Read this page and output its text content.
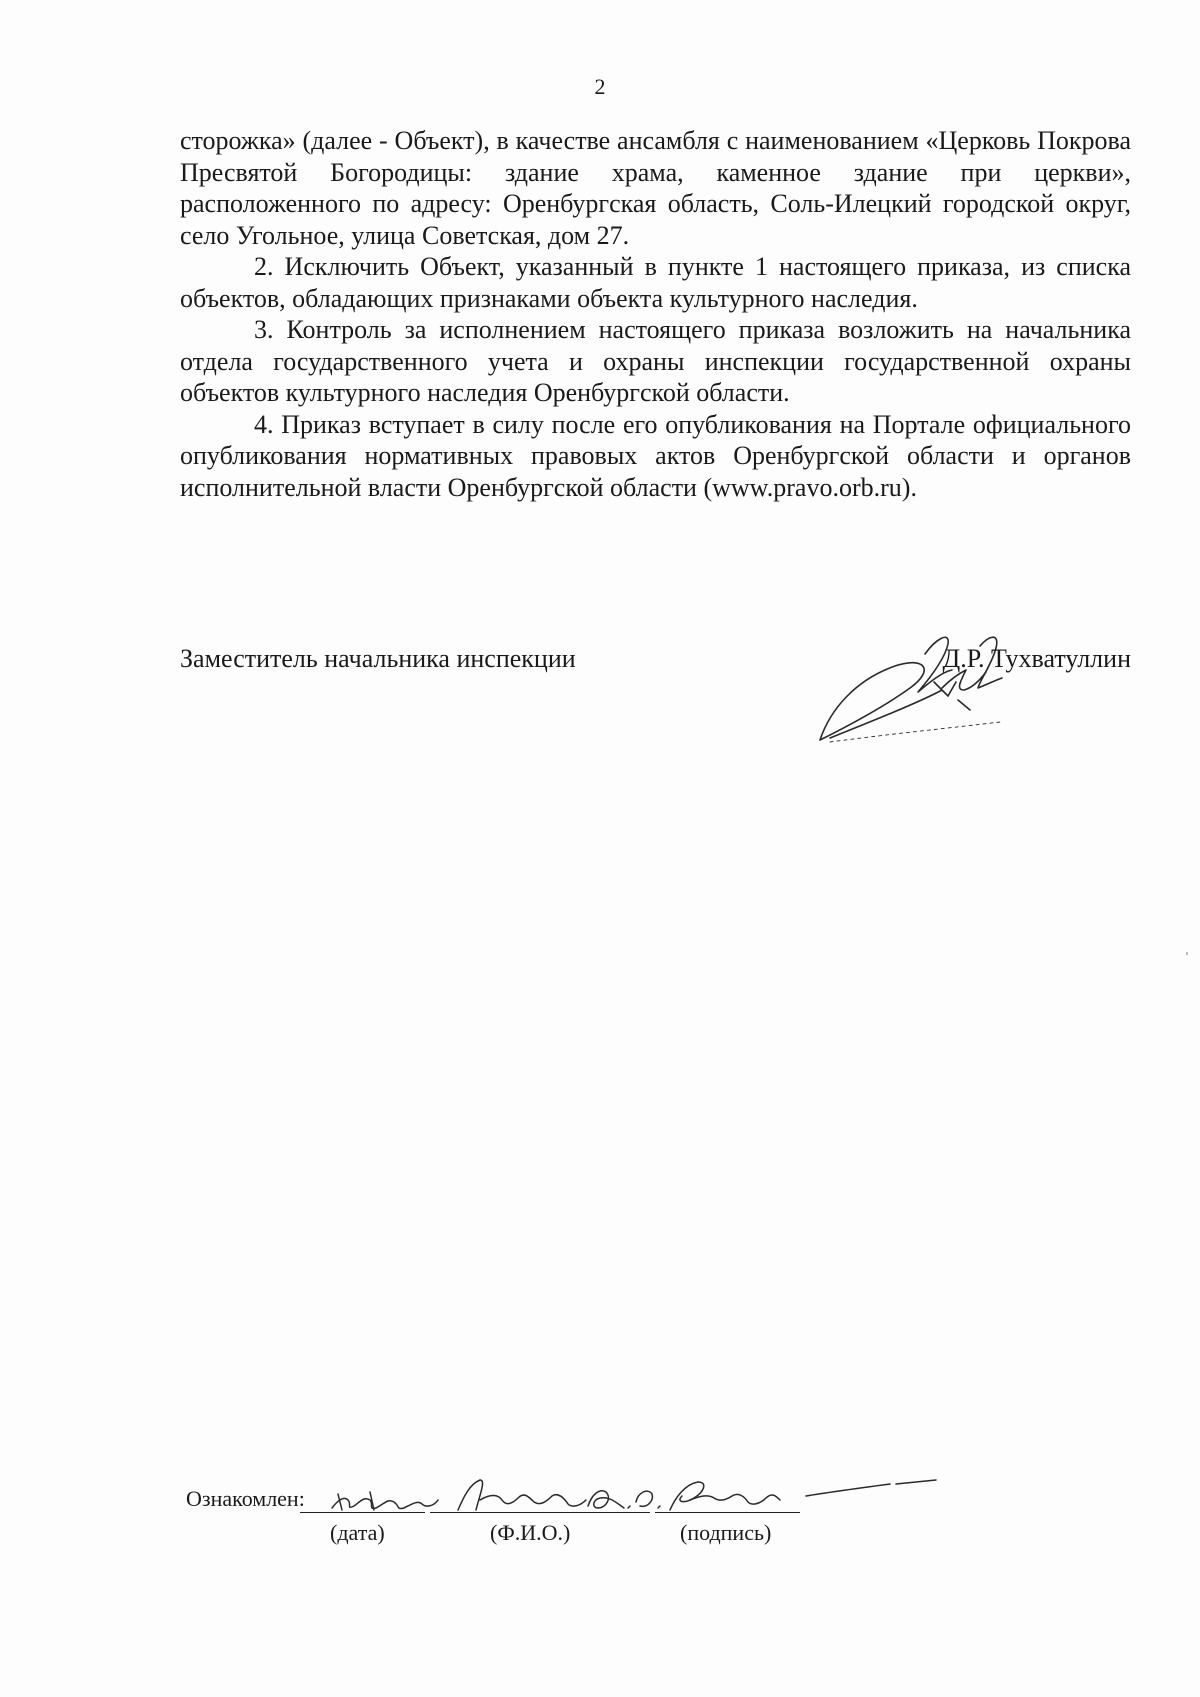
2

сторожка» (далее - Объект), в качестве ансамбля с наименованием «Церковь Покрова Пресвятой Богородицы: здание храма, каменное здание при церкви», расположенного по адресу: Оренбургская область, Соль-Илецкий городской округ, село Угольное, улица Советская, дом 27.

2. Исключить Объект, указанный в пункте 1 настоящего приказа, из списка объектов, обладающих признаками объекта культурного наследия.

3. Контроль за исполнением настоящего приказа возложить на начальника отдела государственного учета и охраны инспекции государственной охраны объектов культурного наследия Оренбургской области.

4. Приказ вступает в силу после его опубликования на Портале официального опубликования нормативных правовых актов Оренбургской области и органов исполнительной власти Оренбургской области (www.pravo.orb.ru).

Заместитель начальника инспекции	Д.Р. Тухватуллин
Ознакомлен:
(дата)	(Ф.И.О.)	(подпись)
